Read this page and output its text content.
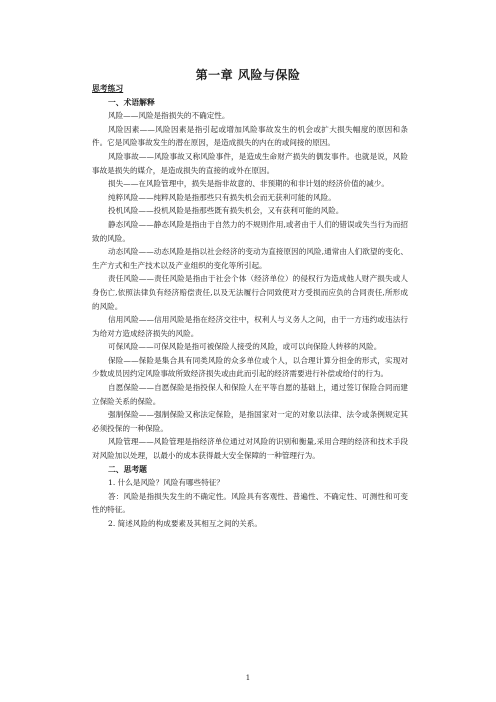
第一章 风险与保险
思考练习
一、术语解释

风险——风险是指损失的不确定性。

风险因素——风险因素是指引起或增加风险事故发生的机会或扩大损失幅度的原因和条件。它是风险事故发生的潜在原因，是造成损失的内在的或间接的原因。

风险事故——风险事故又称风险事件，是造成生命财产损失的偶发事件。也就是说，风险事故是损失的媒介，是造成损失的直接的或外在原因。

损失——在风险管理中，损失是指非故意的、非预期的和非计划的经济价值的减少。

纯粹风险——纯粹风险是指那些只有损失机会而无获利可能的风险。

投机风险——投机风险是指那些既有损失机会，又有获利可能的风险。

静态风险——静态风险是指由于自然力的不规则作用,或者由于人们的错误或失当行为而招致的风险。

动态风险——动态风险是指以社会经济的变动为直接原因的风险,通常由人们欲望的变化、生产方式和生产技术以及产业组织的变化等所引起。

责任风险——责任风险是指由于社会个体（经济单位）的侵权行为造成他人财产损失或人身伤亡,依照法律负有经济赔偿责任,以及无法履行合同致使对方受损而应负的合同责任,所形成的风险。

信用风险——信用风险是指在经济交往中，权利人与义务人之间，由于一方违约或违法行为给对方造成经济损失的风险。

可保风险——可保风险是指可被保险人接受的风险，或可以向保险人转移的风险。

保险——保险是集合具有同类风险的众多单位或个人，以合理计算分担金的形式，实现对少数成员因约定风险事故所致经济损失或由此而引起的经济需要进行补偿或给付的行为。

自愿保险——自愿保险是指投保人和保险人在平等自愿的基础上，通过签订保险合同而建立保险关系的保险。

强制保险——强制保险又称法定保险，是指国家对一定的对象以法律、法令或条例规定其必须投保的一种保险。

风险管理——风险管理是指经济单位通过对风险的识别和衡量,采用合理的经济和技术手段对风险加以处理，以最小的成本获得最大安全保障的一种管理行为。

二、思考题

1. 什么是风险？风险有哪些特征？

答：风险是指损失发生的不确定性。风险具有客观性、普遍性、不确定性、可测性和可变性的特征。

2. 简述风险的构成要素及其相互之间的关系。

1
